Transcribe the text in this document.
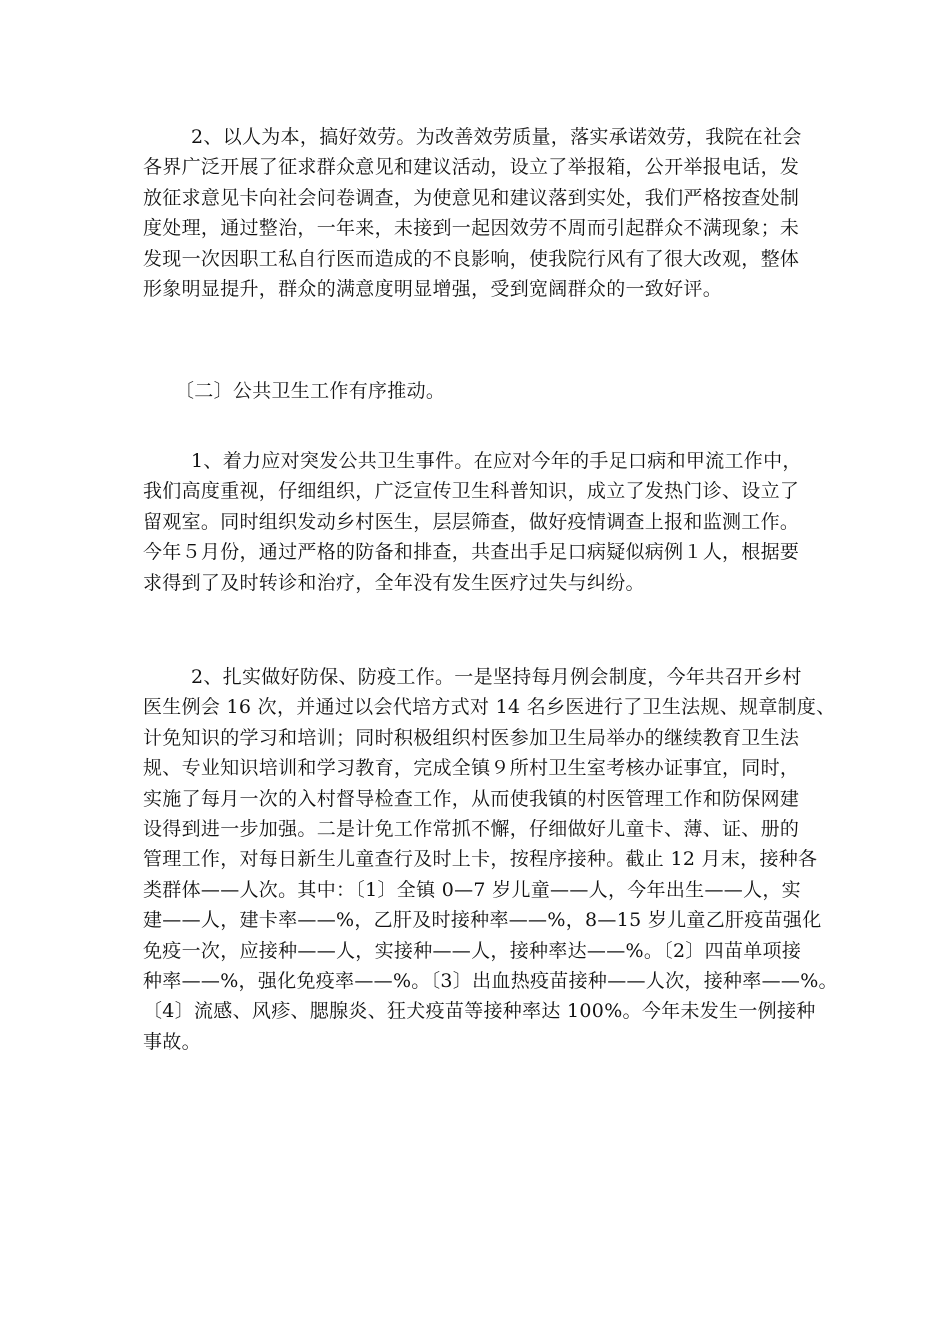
2、以人为本，搞好效劳。为改善效劳质量，落实承诺效劳，我院在社会
各界广泛开展了征求群众意见和建议活动，设立了举报箱，公开举报电话，发
放征求意见卡向社会问卷调查，为使意见和建议落到实处，我们严格按查处制
度处理，通过整治，一年来，未接到一起因效劳不周而引起群众不满现象；未
发现一次因职工私自行医而造成的不良影响，使我院行风有了很大改观，整体
形象明显提升，群众的满意度明显增强，受到宽阔群众的一致好评。
〔二〕公共卫生工作有序推动。
1、着力应对突发公共卫生事件。在应对今年的手足口病和甲流工作中，
我们高度重视，仔细组织，广泛宣传卫生科普知识，成立了发热门诊、设立了
留观室。同时组织发动乡村医生，层层筛查，做好疫情调查上报和监测工作。
今年５月份，通过严格的防备和排查，共查出手足口病疑似病例１人，根据要
求得到了及时转诊和治疗，全年没有发生医疗过失与纠纷。
2、扎实做好防保、防疫工作。一是坚持每月例会制度，今年共召开乡村
医生例会 16 次，并通过以会代培方式对 14 名乡医进行了卫生法规、规章制度、
计免知识的学习和培训；同时积极组织村医参加卫生局举办的继续教育卫生法
规、专业知识培训和学习教育，完成全镇９所村卫生室考核办证事宜，同时，
实施了每月一次的入村督导检查工作，从而使我镇的村医管理工作和防保网建
设得到进一步加强。二是计免工作常抓不懈，仔细做好儿童卡、薄、证、册的
管理工作，对每日新生儿童查行及时上卡，按程序接种。截止 12 月末，接种各
类群体——人次。其中：〔1〕全镇 0—7 岁儿童——人，今年出生——人，实
建——人，建卡率——%，乙肝及时接种率——%，8—15 岁儿童乙肝疫苗强化
免疫一次，应接种——人，实接种——人，接种率达——%。〔2〕四苗单项接
种率——%，强化免疫率——%。〔3〕出血热疫苗接种——人次，接种率——%。
〔4〕流感、风疹、腮腺炎、狂犬疫苗等接种率达 100%。今年未发生一例接种
事故。
